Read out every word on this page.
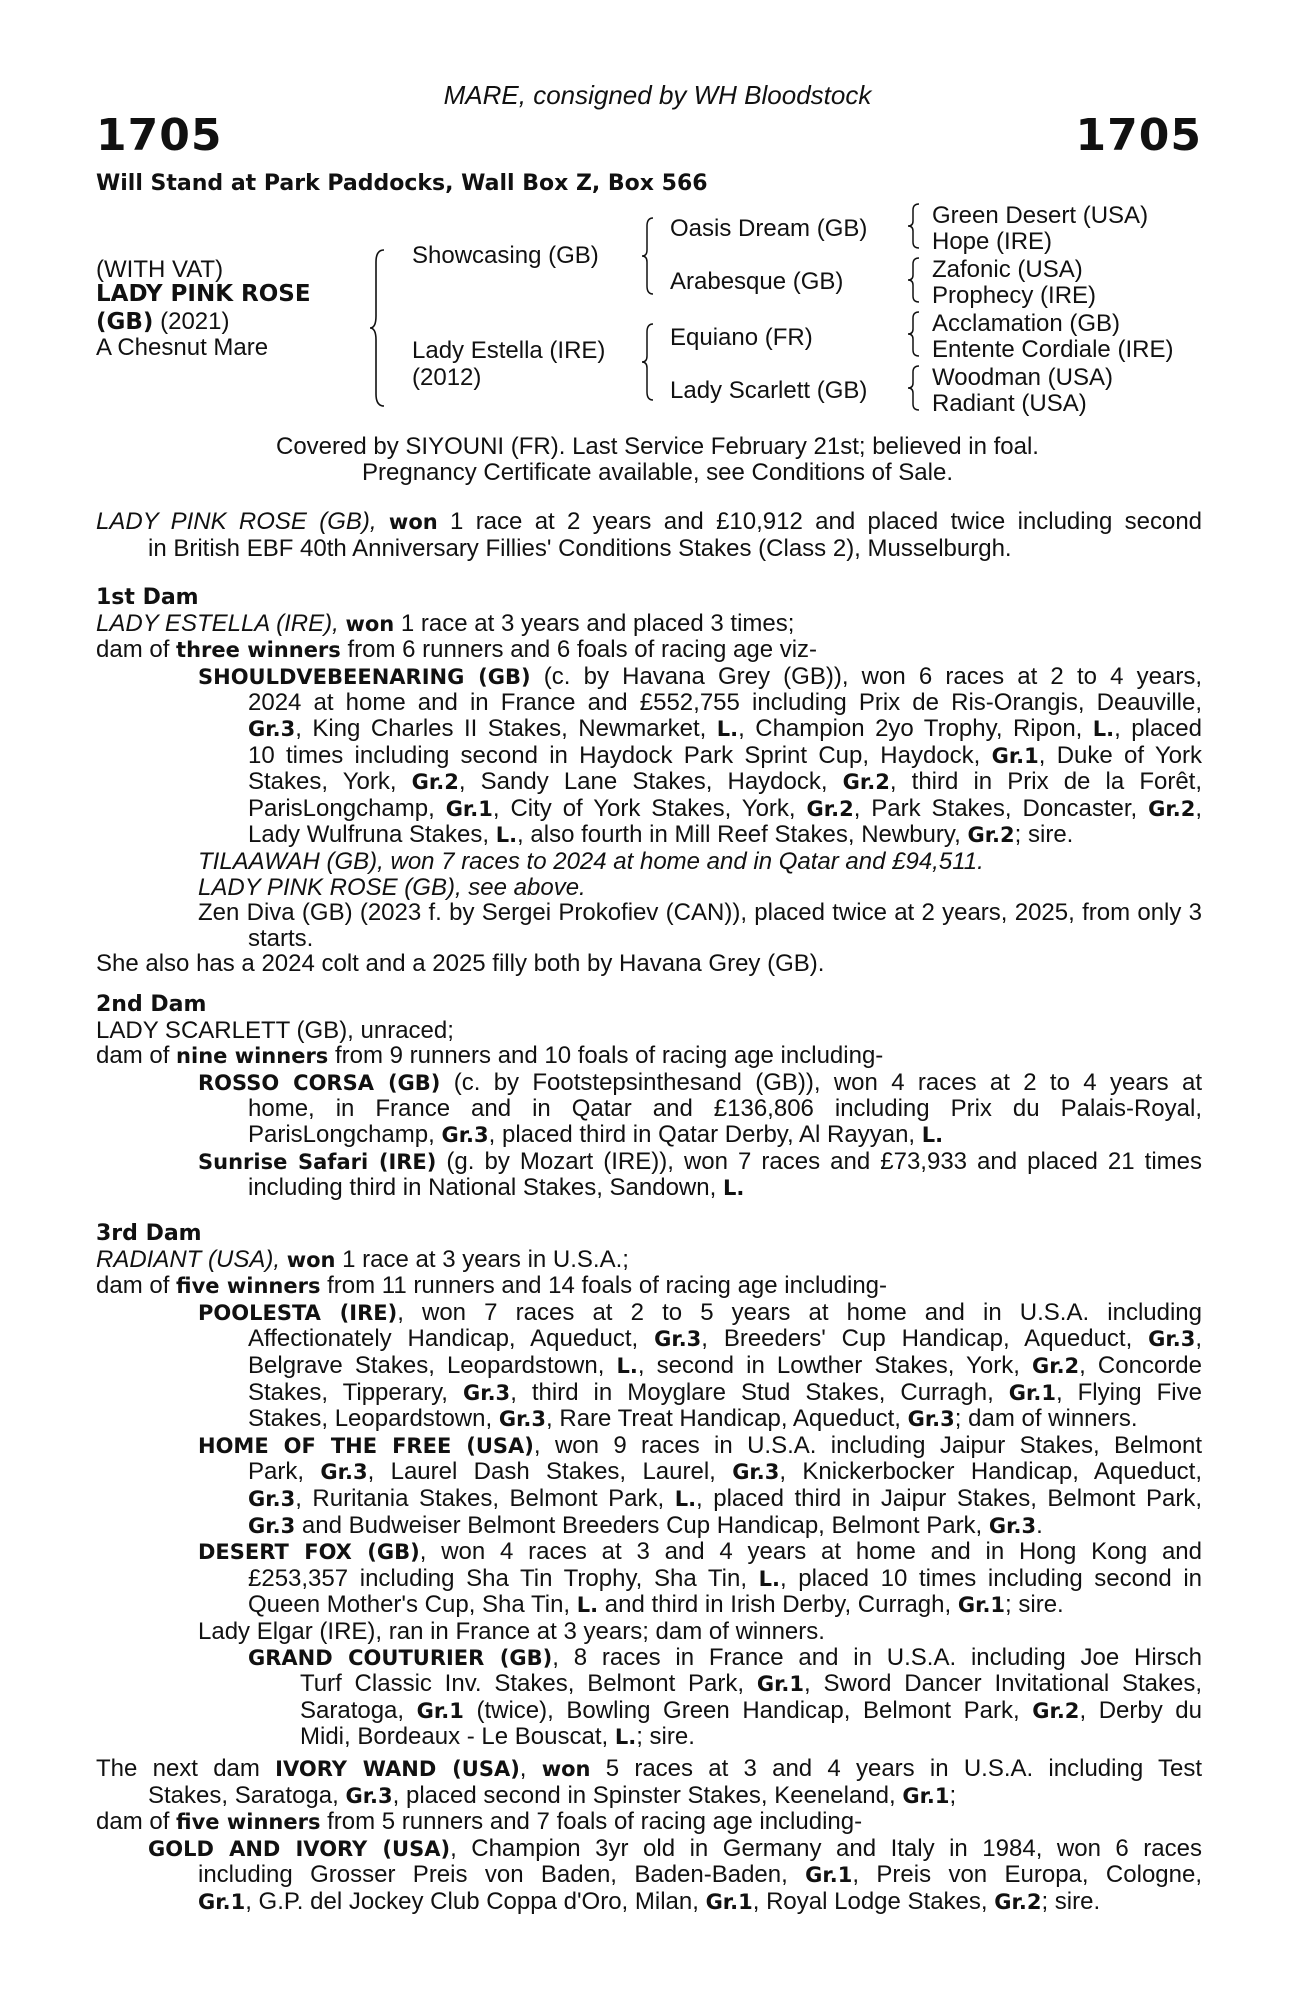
MARE, consigned by WH Bloodstock
1705	1705
Will Stand at Park Paddocks, Wall Box Z, Box 566
(WITH VAT)
LADY PINK ROSE
(GB) (2021)
A Chesnut Mare
Showcasing (GB)
Lady Estella (IRE)
(2012)
Oasis Dream (GB)
Arabesque (GB)
Equiano (FR)
Lady Scarlett (GB)
Green Desert (USA)
Hope (IRE)
Zafonic (USA)
Prophecy (IRE)
Acclamation (GB)
Entente Cordiale (IRE)
Woodman (USA)
Radiant (USA)
Covered by SIYOUNI (FR). Last Service February 21st; believed in foal.
Pregnancy Certificate available, see Conditions of Sale.
LADY PINK ROSE (GB), won 1 race at 2 years and £10,912 and placed twice including second
in British EBF 40th Anniversary Fillies' Conditions Stakes (Class 2), Musselburgh.
1st Dam
LADY ESTELLA (IRE), won 1 race at 3 years and placed 3 times;
dam of three winners from 6 runners and 6 foals of racing age viz-
SHOULDVEBEENARING (GB) (c. by Havana Grey (GB)), won 6 races at 2 to 4 years,
2024 at home and in France and £552,755 including Prix de Ris-Orangis, Deauville,
Gr.3, King Charles II Stakes, Newmarket, L., Champion 2yo Trophy, Ripon, L., placed
10 times including second in Haydock Park Sprint Cup, Haydock, Gr.1, Duke of York
Stakes, York, Gr.2, Sandy Lane Stakes, Haydock, Gr.2, third in Prix de la Forêt,
ParisLongchamp, Gr.1, City of York Stakes, York, Gr.2, Park Stakes, Doncaster, Gr.2,
Lady Wulfruna Stakes, L., also fourth in Mill Reef Stakes, Newbury, Gr.2; sire.
TILAAWAH (GB), won 7 races to 2024 at home and in Qatar and £94,511.
LADY PINK ROSE (GB), see above.
Zen Diva (GB) (2023 f. by Sergei Prokofiev (CAN)), placed twice at 2 years, 2025, from only 3
starts.
She also has a 2024 colt and a 2025 filly both by Havana Grey (GB).
2nd Dam
LADY SCARLETT (GB), unraced;
dam of nine winners from 9 runners and 10 foals of racing age including-
ROSSO CORSA (GB) (c. by Footstepsinthesand (GB)), won 4 races at 2 to 4 years at
home, in France and in Qatar and £136,806 including Prix du Palais-Royal,
ParisLongchamp, Gr.3, placed third in Qatar Derby, Al Rayyan, L.
Sunrise Safari (IRE) (g. by Mozart (IRE)), won 7 races and £73,933 and placed 21 times
including third in National Stakes, Sandown, L.
3rd Dam
RADIANT (USA), won 1 race at 3 years in U.S.A.;
dam of five winners from 11 runners and 14 foals of racing age including-
POOLESTA (IRE), won 7 races at 2 to 5 years at home and in U.S.A. including
Affectionately Handicap, Aqueduct, Gr.3, Breeders' Cup Handicap, Aqueduct, Gr.3,
Belgrave Stakes, Leopardstown, L., second in Lowther Stakes, York, Gr.2, Concorde
Stakes, Tipperary, Gr.3, third in Moyglare Stud Stakes, Curragh, Gr.1, Flying Five
Stakes, Leopardstown, Gr.3, Rare Treat Handicap, Aqueduct, Gr.3; dam of winners.
HOME OF THE FREE (USA), won 9 races in U.S.A. including Jaipur Stakes, Belmont
Park, Gr.3, Laurel Dash Stakes, Laurel, Gr.3, Knickerbocker Handicap, Aqueduct,
Gr.3, Ruritania Stakes, Belmont Park, L., placed third in Jaipur Stakes, Belmont Park,
Gr.3 and Budweiser Belmont Breeders Cup Handicap, Belmont Park, Gr.3.
DESERT FOX (GB), won 4 races at 3 and 4 years at home and in Hong Kong and
£253,357 including Sha Tin Trophy, Sha Tin, L., placed 10 times including second in
Queen Mother's Cup, Sha Tin, L. and third in Irish Derby, Curragh, Gr.1; sire.
Lady Elgar (IRE), ran in France at 3 years; dam of winners.
GRAND COUTURIER (GB), 8 races in France and in U.S.A. including Joe Hirsch
Turf Classic Inv. Stakes, Belmont Park, Gr.1, Sword Dancer Invitational Stakes,
Saratoga, Gr.1 (twice), Bowling Green Handicap, Belmont Park, Gr.2, Derby du
Midi, Bordeaux - Le Bouscat, L.; sire.
The next dam IVORY WAND (USA), won 5 races at 3 and 4 years in U.S.A. including Test
Stakes, Saratoga, Gr.3, placed second in Spinster Stakes, Keeneland, Gr.1;
dam of five winners from 5 runners and 7 foals of racing age including-
GOLD AND IVORY (USA), Champion 3yr old in Germany and Italy in 1984, won 6 races
including Grosser Preis von Baden, Baden-Baden, Gr.1, Preis von Europa, Cologne,
Gr.1, G.P. del Jockey Club Coppa d'Oro, Milan, Gr.1, Royal Lodge Stakes, Gr.2; sire.
